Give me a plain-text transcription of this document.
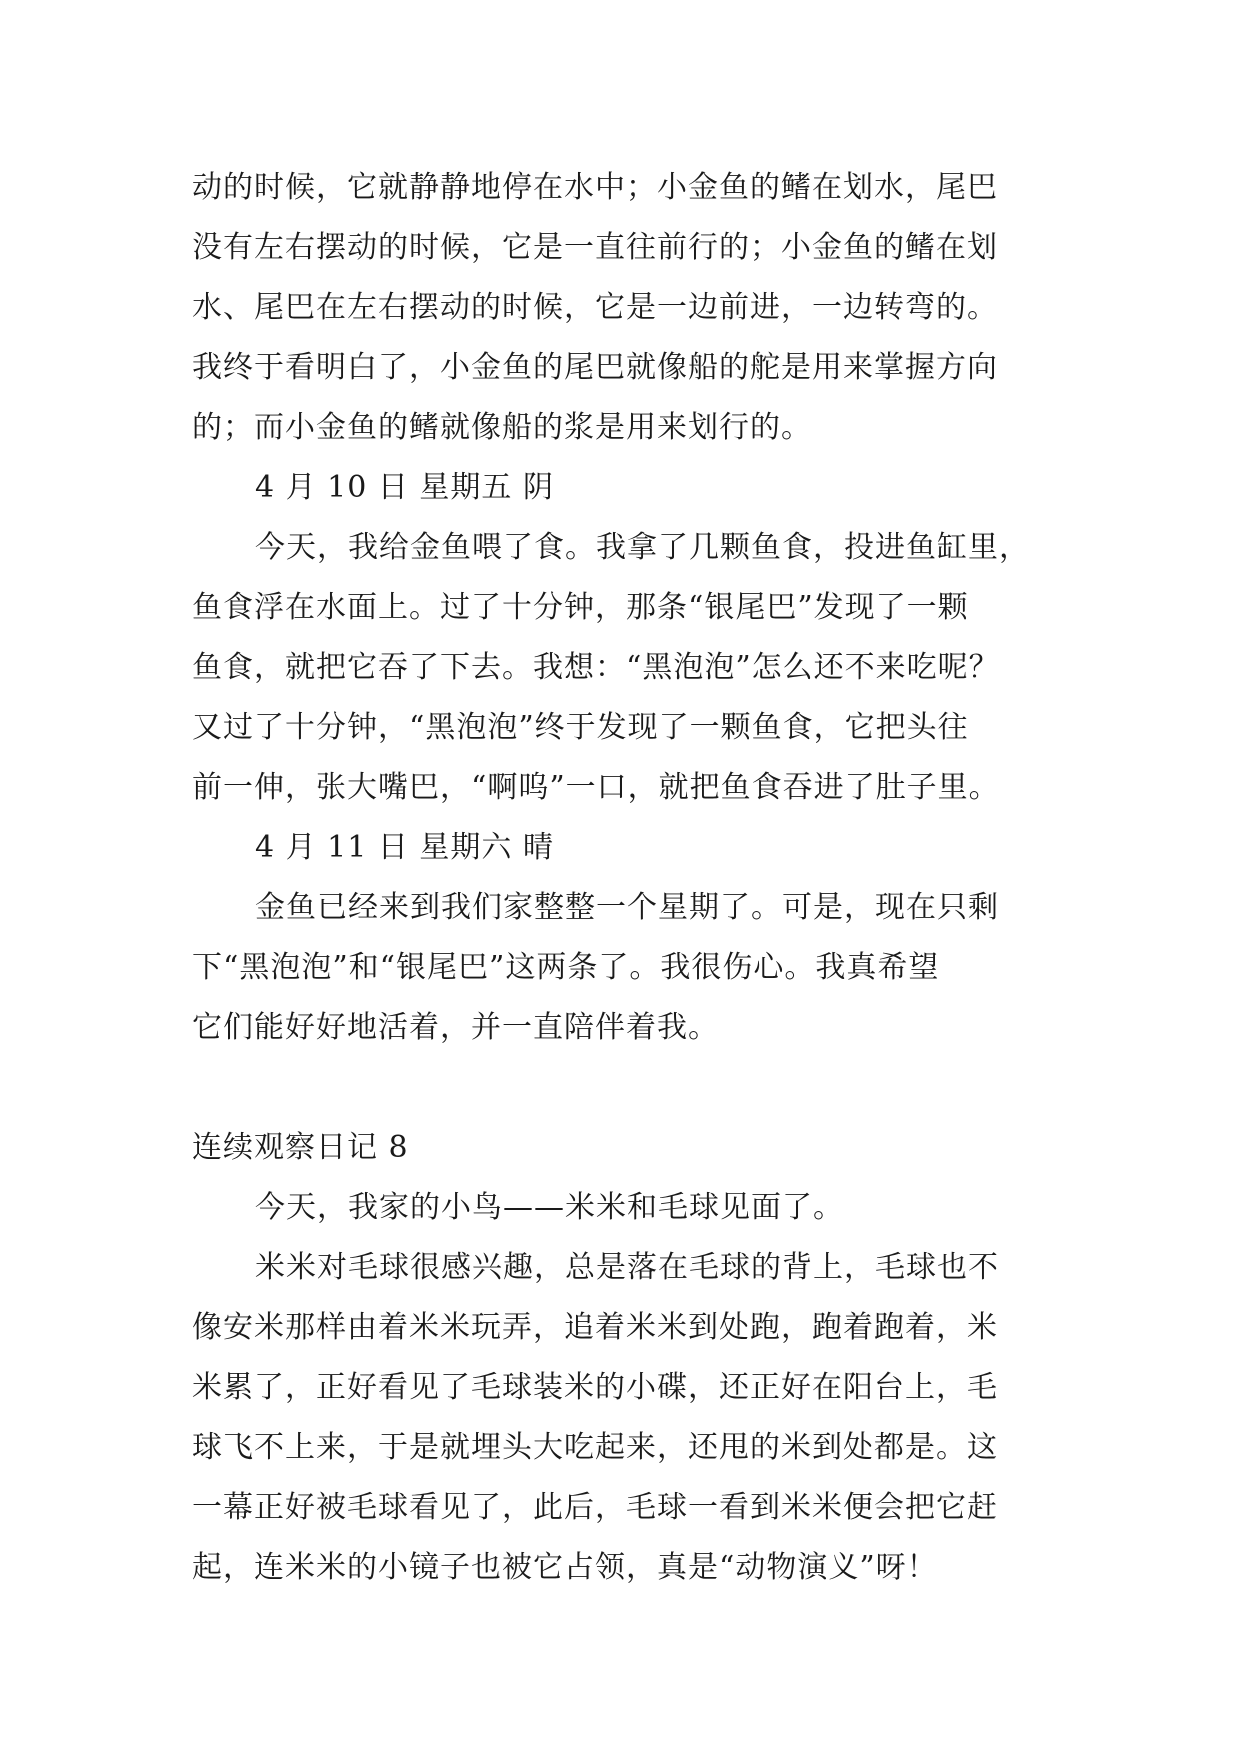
动的时候，它就静静地停在水中；小金鱼的鳍在划水，尾巴
没有左右摆动的时候，它是一直往前行的；小金鱼的鳍在划
水、尾巴在左右摆动的时候，它是一边前进，一边转弯的。
我终于看明白了，小金鱼的尾巴就像船的舵是用来掌握方向
的；而小金鱼的鳍就像船的浆是用来划行的。
4 月 10 日 星期五 阴
今天，我给金鱼喂了食。我拿了几颗鱼食，投进鱼缸里，
鱼食浮在水面上。过了十分钟，那条“银尾巴”发现了一颗
鱼食，就把它吞了下去。我想：“黑泡泡”怎么还不来吃呢？
又过了十分钟，“黑泡泡”终于发现了一颗鱼食，它把头往
前一伸，张大嘴巴，“啊呜”一口，就把鱼食吞进了肚子里。
4 月 11 日 星期六 晴
金鱼已经来到我们家整整一个星期了。可是，现在只剩
下“黑泡泡”和“银尾巴”这两条了。我很伤心。我真希望
它们能好好地活着，并一直陪伴着我。
连续观察日记 8
今天，我家的小鸟——米米和毛球见面了。
米米对毛球很感兴趣，总是落在毛球的背上，毛球也不
像安米那样由着米米玩弄，追着米米到处跑，跑着跑着，米
米累了，正好看见了毛球装米的小碟，还正好在阳台上，毛
球飞不上来，于是就埋头大吃起来，还甩的米到处都是。这
一幕正好被毛球看见了，此后，毛球一看到米米便会把它赶
起，连米米的小镜子也被它占领，真是“动物演义”呀！
